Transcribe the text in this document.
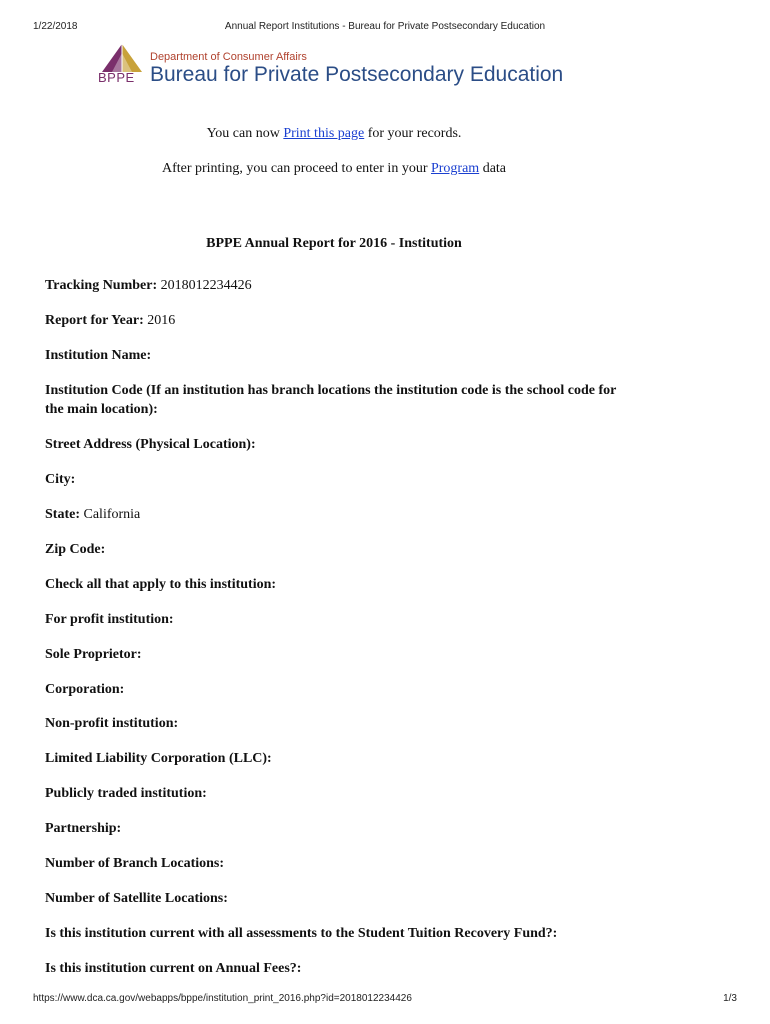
1/22/2018	Annual Report Institutions - Bureau for Private Postsecondary Education
BPPE
Department of Consumer Affairs
Bureau for Private Postsecondary Education
You can now Print this page for your records.
After printing, you can proceed to enter in your Program data
BPPE Annual Report for 2016 - Institution

Tracking Number: 2018012234426

Report for Year: 2016

Institution Name:

Institution Code (If an institution has branch locations the institution code is the school code for the main location):

Street Address (Physical Location):

City:

State: California

Zip Code:

Check all that apply to this institution:

For profit institution:

Sole Proprietor:

Corporation:

Non-profit institution:

Limited Liability Corporation (LLC):

Publicly traded institution:

Partnership:

Number of Branch Locations:

Number of Satellite Locations:

Is this institution current with all assessments to the Student Tuition Recovery Fund?:

Is this institution current on Annual Fees?:

https://www.dca.ca.gov/webapps/bppe/institution_print_2016.php?id=2018012234426	1/3
